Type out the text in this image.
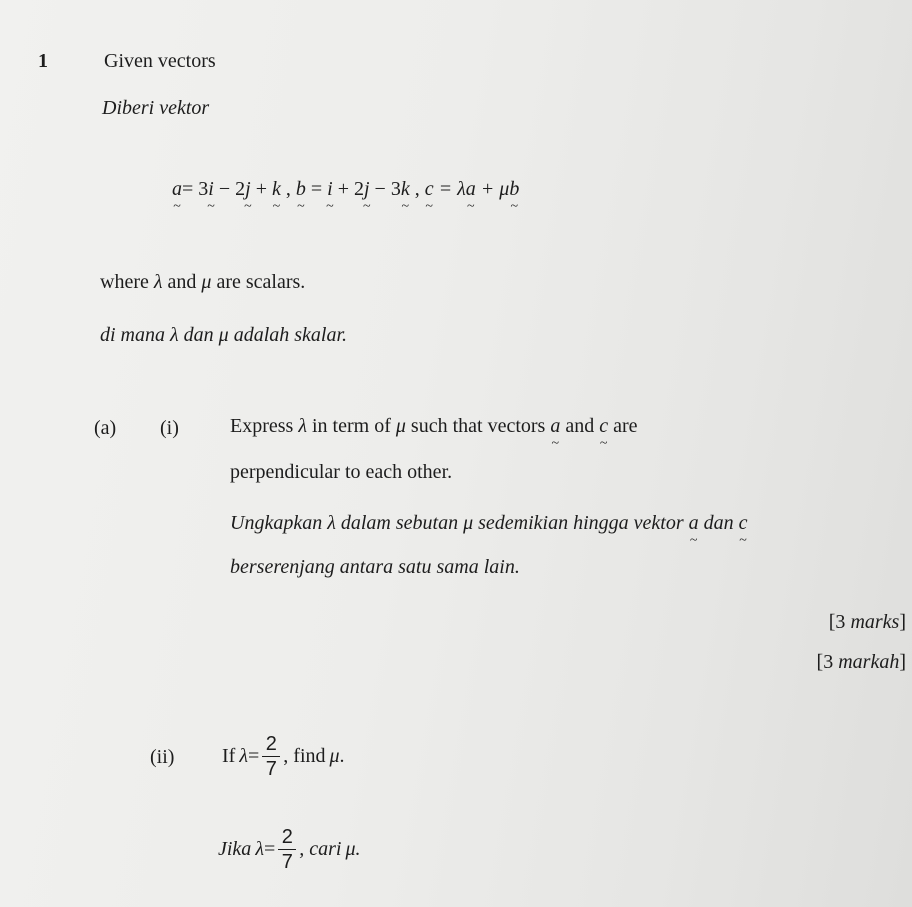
1	Given vectors
Diberi vektor
a ~= 3i ~ − 2j ~ + k ~ , b ~ = i ~ + 2j ~ − 3k ~ , c ~ = λa ~ + μb ~
where λ and μ are scalars.
di mana λ dan μ adalah skalar.
(a) (i)	Express λ in term of μ such that vectors a ~ and c ~ are
perpendicular to each other.
Ungkapkan λ dalam sebutan μ sedemikian hingga vektor a ~ dan c ~
berserenjang antara satu sama lain.
[3 marks]
[3 markah]
(ii) If $\lambda = \frac{2}{7}$ , find μ .
Jika $\lambda = \frac{2}{7}$ , cari μ .
